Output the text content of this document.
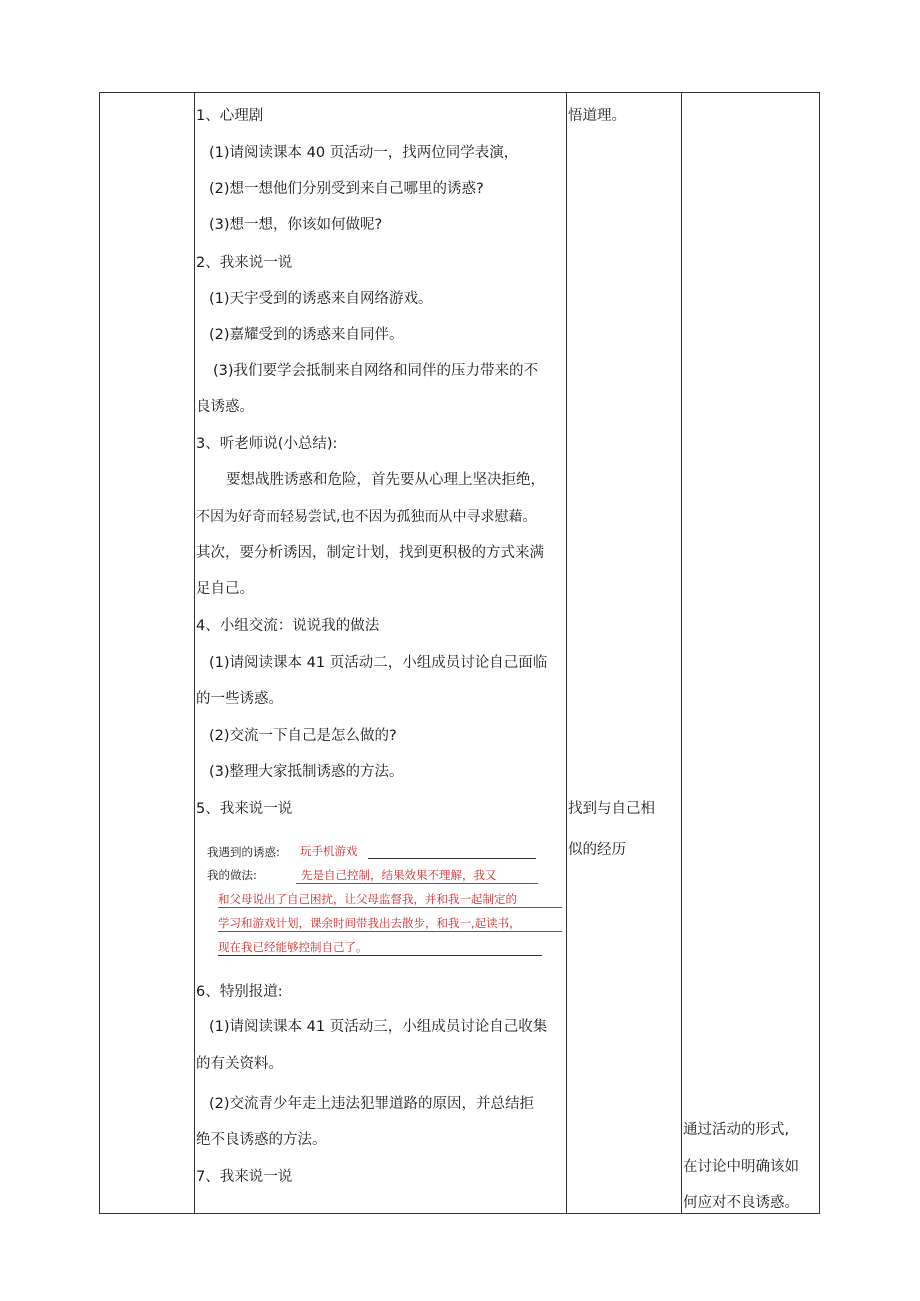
1、心理剧
(1)请阅读课本 40 页活动一，找两位同学表演，
(2)想一想他们分别受到来自己哪里的诱惑?
(3)想一想，你该如何做呢?
2、我来说一说
(1)天宇受到的诱惑来自网络游戏。
(2)嘉耀受到的诱惑来自同伴。
(3)我们要学会抵制来自网络和同伴的压力带来的不
良诱惑。
3、听老师说(小总结):
要想战胜诱惑和危险，首先要从心理上坚决拒绝，
不因为好奇而轻易尝试,也不因为孤独而从中寻求慰藉。
其次，要分析诱因，制定计划，找到更积极的方式来满
足自己。
4、小组交流：说说我的做法
(1)请阅读课本 41 页活动二，小组成员讨论自己面临
的一些诱惑。
(2)交流一下自己是怎么做的?
(3)整理大家抵制诱惑的方法。
5、我来说一说
我遇到的诱惑: 玩手机游戏
我的做法:	先是自己控制，结果效果不理解，我又
和父母说出了自己困扰，让父母监督我，并和我一起制定的
学习和游戏计划，课余时间带我出去散步，和我一,起读书，
现在我已经能够控制自己了。
6、特别报道:
(1)请阅读课本 41 页活动三，小组成员讨论自己收集
的有关资料。
(2)交流青少年走上违法犯罪道路的原因，并总结拒
绝不良诱惑的方法。
7、我来说一说
悟道理。
找到与自己相
似的经历
通过活动的形式,
在讨论中明确该如
何应对不良诱惑。
